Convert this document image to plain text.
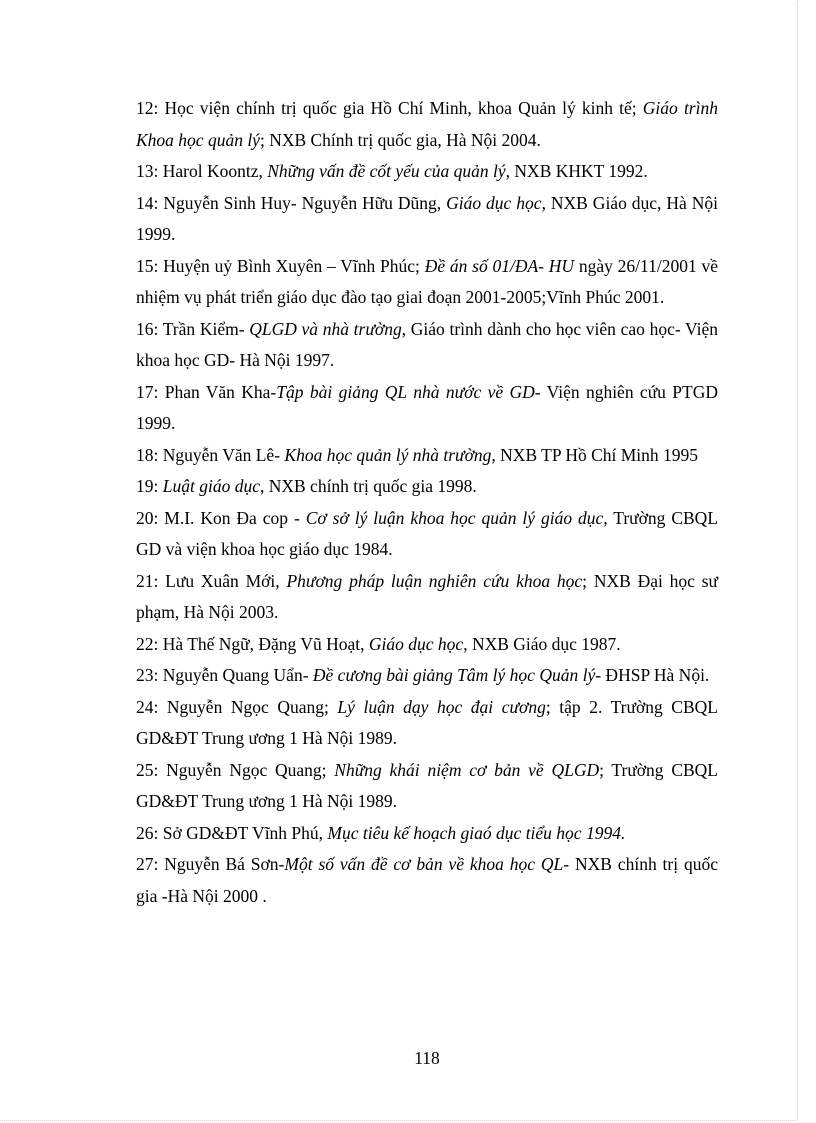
12: Học viện chính trị quốc gia Hồ Chí Minh, khoa Quản lý kinh tế; Giáo trình Khoa học quản lý; NXB Chính trị quốc gia, Hà Nội 2004.

13: Harol Koontz, Những vấn đề cốt yếu của quản lý, NXB KHKT 1992.

14: Nguyễn Sinh Huy- Nguyễn Hữu Dũng, Giáo dục học, NXB Giáo dục, Hà Nội 1999.

15: Huyện uỷ Bình Xuyên – Vĩnh Phúc; Đề án số 01/ĐA- HU ngày 26/11/2001 về nhiệm vụ phát triển giáo dục đào tạo giai đoạn 2001-2005;Vĩnh Phúc 2001.

16: Trần Kiểm- QLGD và nhà trường, Giáo trình dành cho học viên cao học- Viện khoa học GD- Hà Nội 1997.

17: Phan Văn Kha-Tập bài giảng QL nhà nước về GD- Viện nghiên cứu PTGD 1999.

18: Nguyễn Văn Lê- Khoa học quản lý nhà trường, NXB TP Hồ Chí Minh 1995

19: Luật giáo dục, NXB chính trị quốc gia 1998.

20: M.I. Kon Đa cop - Cơ sở lý luận khoa học quản lý giáo dục, Trường CBQL GD và viện khoa học giáo dục 1984.

21: Lưu Xuân Mới, Phương pháp luận nghiên cứu khoa học; NXB Đại học sư phạm, Hà Nội 2003.

22: Hà Thế Ngữ, Đặng Vũ Hoạt, Giáo dục học, NXB Giáo dục 1987.

23: Nguyễn Quang Uẩn- Đề cương bài giảng Tâm lý học Quản lý- ĐHSP Hà Nội.

24: Nguyễn Ngọc Quang; Lý luận dạy học đại cương; tập 2. Trường CBQL GD&ĐT Trung ương 1 Hà Nội 1989.

25: Nguyễn Ngọc Quang; Những khái niệm cơ bản về QLGD; Trường CBQL GD&ĐT Trung ương 1 Hà Nội 1989.

26: Sở GD&ĐT Vĩnh Phú, Mục tiêu kế hoạch giaó dục tiểu học 1994.

27: Nguyễn Bá Sơn-Một số vấn đề cơ bản về khoa học QL- NXB chính trị quốc gia -Hà Nội 2000 .

118
